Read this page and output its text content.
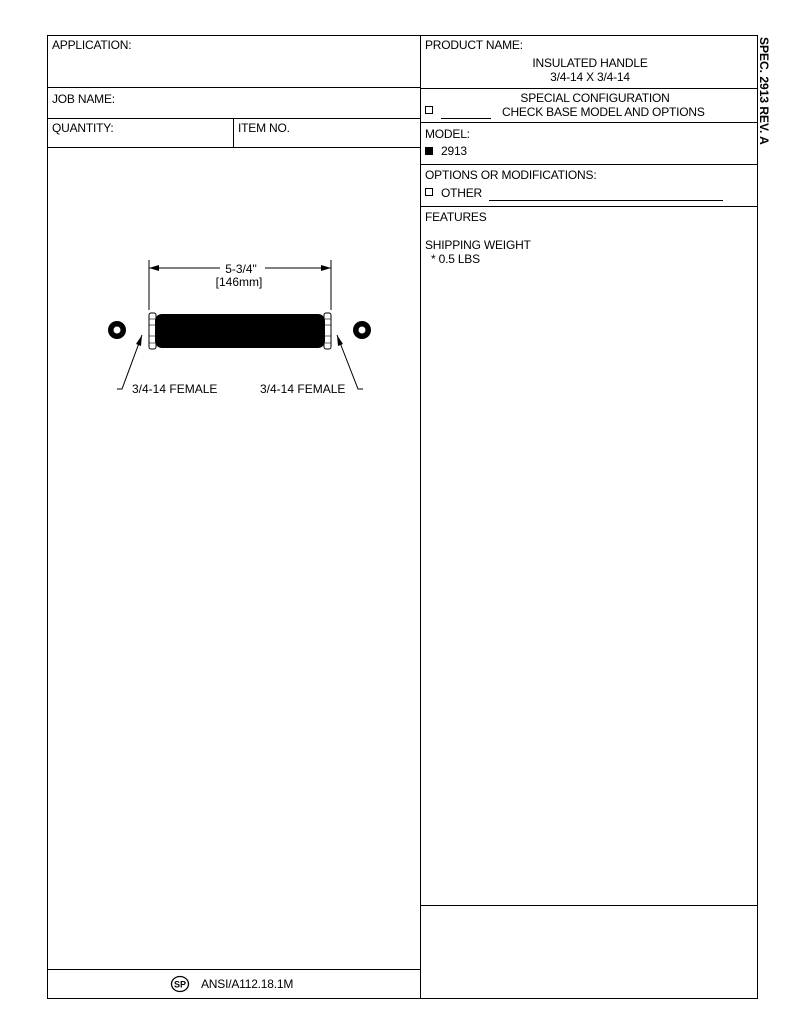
APPLICATION:
JOB NAME:
QUANTITY:	ITEM NO.
PRODUCT NAME:
INSULATED HANDLE
3/4-14 X 3/4-14
SPECIAL CONFIGURATION
CHECK BASE MODEL AND OPTIONS
MODEL:
2913
OPTIONS OR MODIFICATIONS:
OTHER
FEATURES
SHIPPING WEIGHT
* 0.5 LBS
SPEC. 2913 REV. A
SP ANSI/A112.18.1M
5-3/4"
[146mm]
3/4-14 FEMALE	3/4-14 FEMALE
